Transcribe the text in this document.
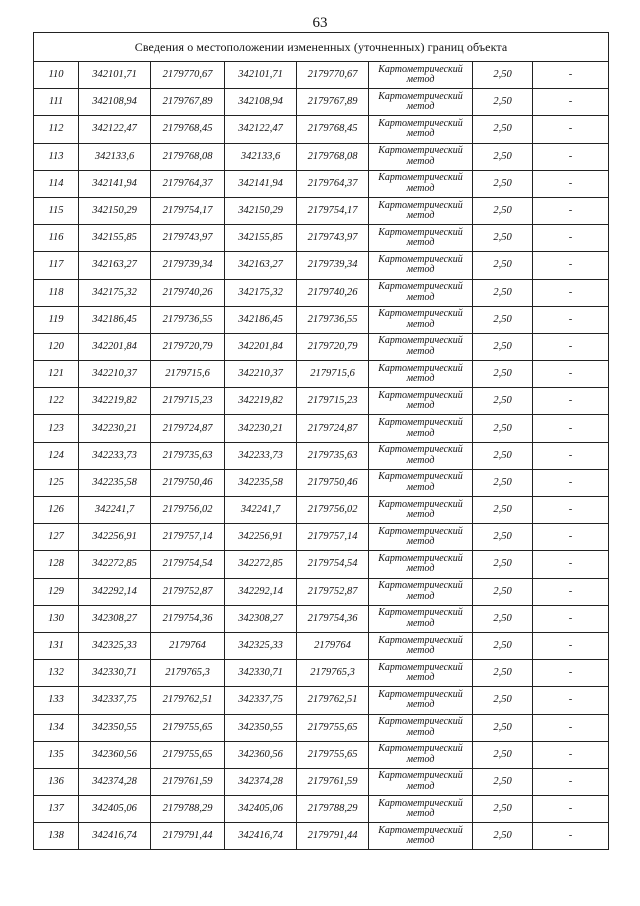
63
Сведения о местоположении измененных (уточненных) границ объекта							
110	342101,71	2179770,67	342101,71	2179770,67	Картометрический метод	2,50	-
111	342108,94	2179767,89	342108,94	2179767,89	Картометрический метод	2,50	-
112	342122,47	2179768,45	342122,47	2179768,45	Картометрический метод	2,50	-
113	342133,6	2179768,08	342133,6	2179768,08	Картометрический метод	2,50	-
114	342141,94	2179764,37	342141,94	2179764,37	Картометрический метод	2,50	-
115	342150,29	2179754,17	342150,29	2179754,17	Картометрический метод	2,50	-
116	342155,85	2179743,97	342155,85	2179743,97	Картометрический метод	2,50	-
117	342163,27	2179739,34	342163,27	2179739,34	Картометрический метод	2,50	-
118	342175,32	2179740,26	342175,32	2179740,26	Картометрический метод	2,50	-
119	342186,45	2179736,55	342186,45	2179736,55	Картометрический метод	2,50	-
120	342201,84	2179720,79	342201,84	2179720,79	Картометрический метод	2,50	-
121	342210,37	2179715,6	342210,37	2179715,6	Картометрический метод	2,50	-
122	342219,82	2179715,23	342219,82	2179715,23	Картометрический метод	2,50	-
123	342230,21	2179724,87	342230,21	2179724,87	Картометрический метод	2,50	-
124	342233,73	2179735,63	342233,73	2179735,63	Картометрический метод	2,50	-
125	342235,58	2179750,46	342235,58	2179750,46	Картометрический метод	2,50	-
126	342241,7	2179756,02	342241,7	2179756,02	Картометрический метод	2,50	-
127	342256,91	2179757,14	342256,91	2179757,14	Картометрический метод	2,50	-
128	342272,85	2179754,54	342272,85	2179754,54	Картометрический метод	2,50	-
129	342292,14	2179752,87	342292,14	2179752,87	Картометрический метод	2,50	-
130	342308,27	2179754,36	342308,27	2179754,36	Картометрический метод	2,50	-
131	342325,33	2179764	342325,33	2179764	Картометрический метод	2,50	-
132	342330,71	2179765,3	342330,71	2179765,3	Картометрический метод	2,50	-
133	342337,75	2179762,51	342337,75	2179762,51	Картометрический метод	2,50	-
134	342350,55	2179755,65	342350,55	2179755,65	Картометрический метод	2,50	-
135	342360,56	2179755,65	342360,56	2179755,65	Картометрический метод	2,50	-
136	342374,28	2179761,59	342374,28	2179761,59	Картометрический метод	2,50	-
137	342405,06	2179788,29	342405,06	2179788,29	Картометрический метод	2,50	-
138	342416,74	2179791,44	342416,74	2179791,44	Картометрический метод	2,50	-
